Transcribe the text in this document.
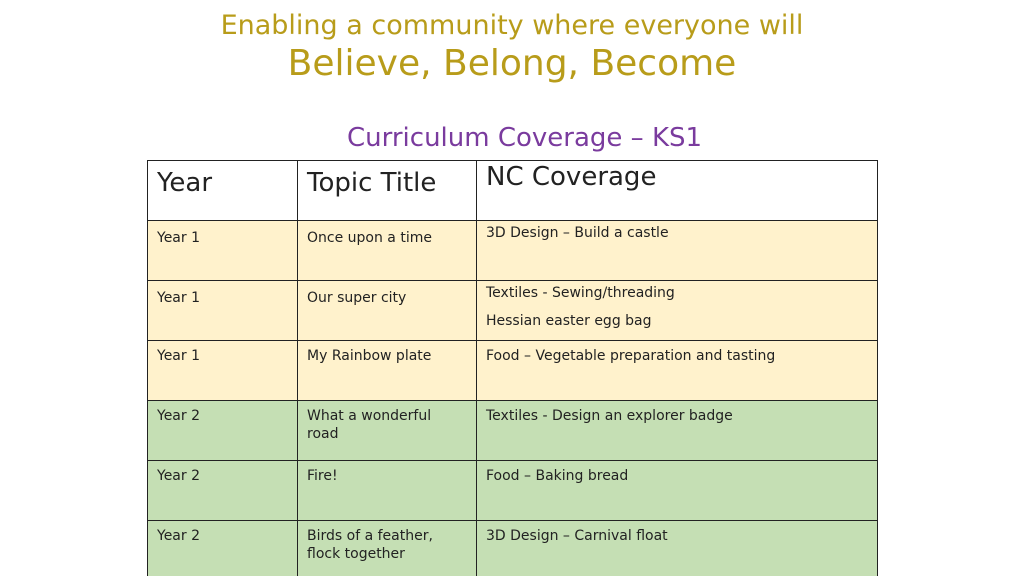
Enabling a community where everyone will
Believe, Belong, Become
Curriculum Coverage – KS1
Year	Topic Title	NC Coverage

Year 1	Once upon a time	3D Design – Build a castle

Year 1	Our super city	Textiles - Sewing/threading
Hessian easter egg bag

Year 1	My Rainbow plate	Food – Vegetable preparation and tasting

Year 2	What a wonderful road	Textiles - Design an explorer badge

Year 2	Fire!	Food – Baking bread

Year 2	Birds of a feather, flock together	3D Design – Carnival float
